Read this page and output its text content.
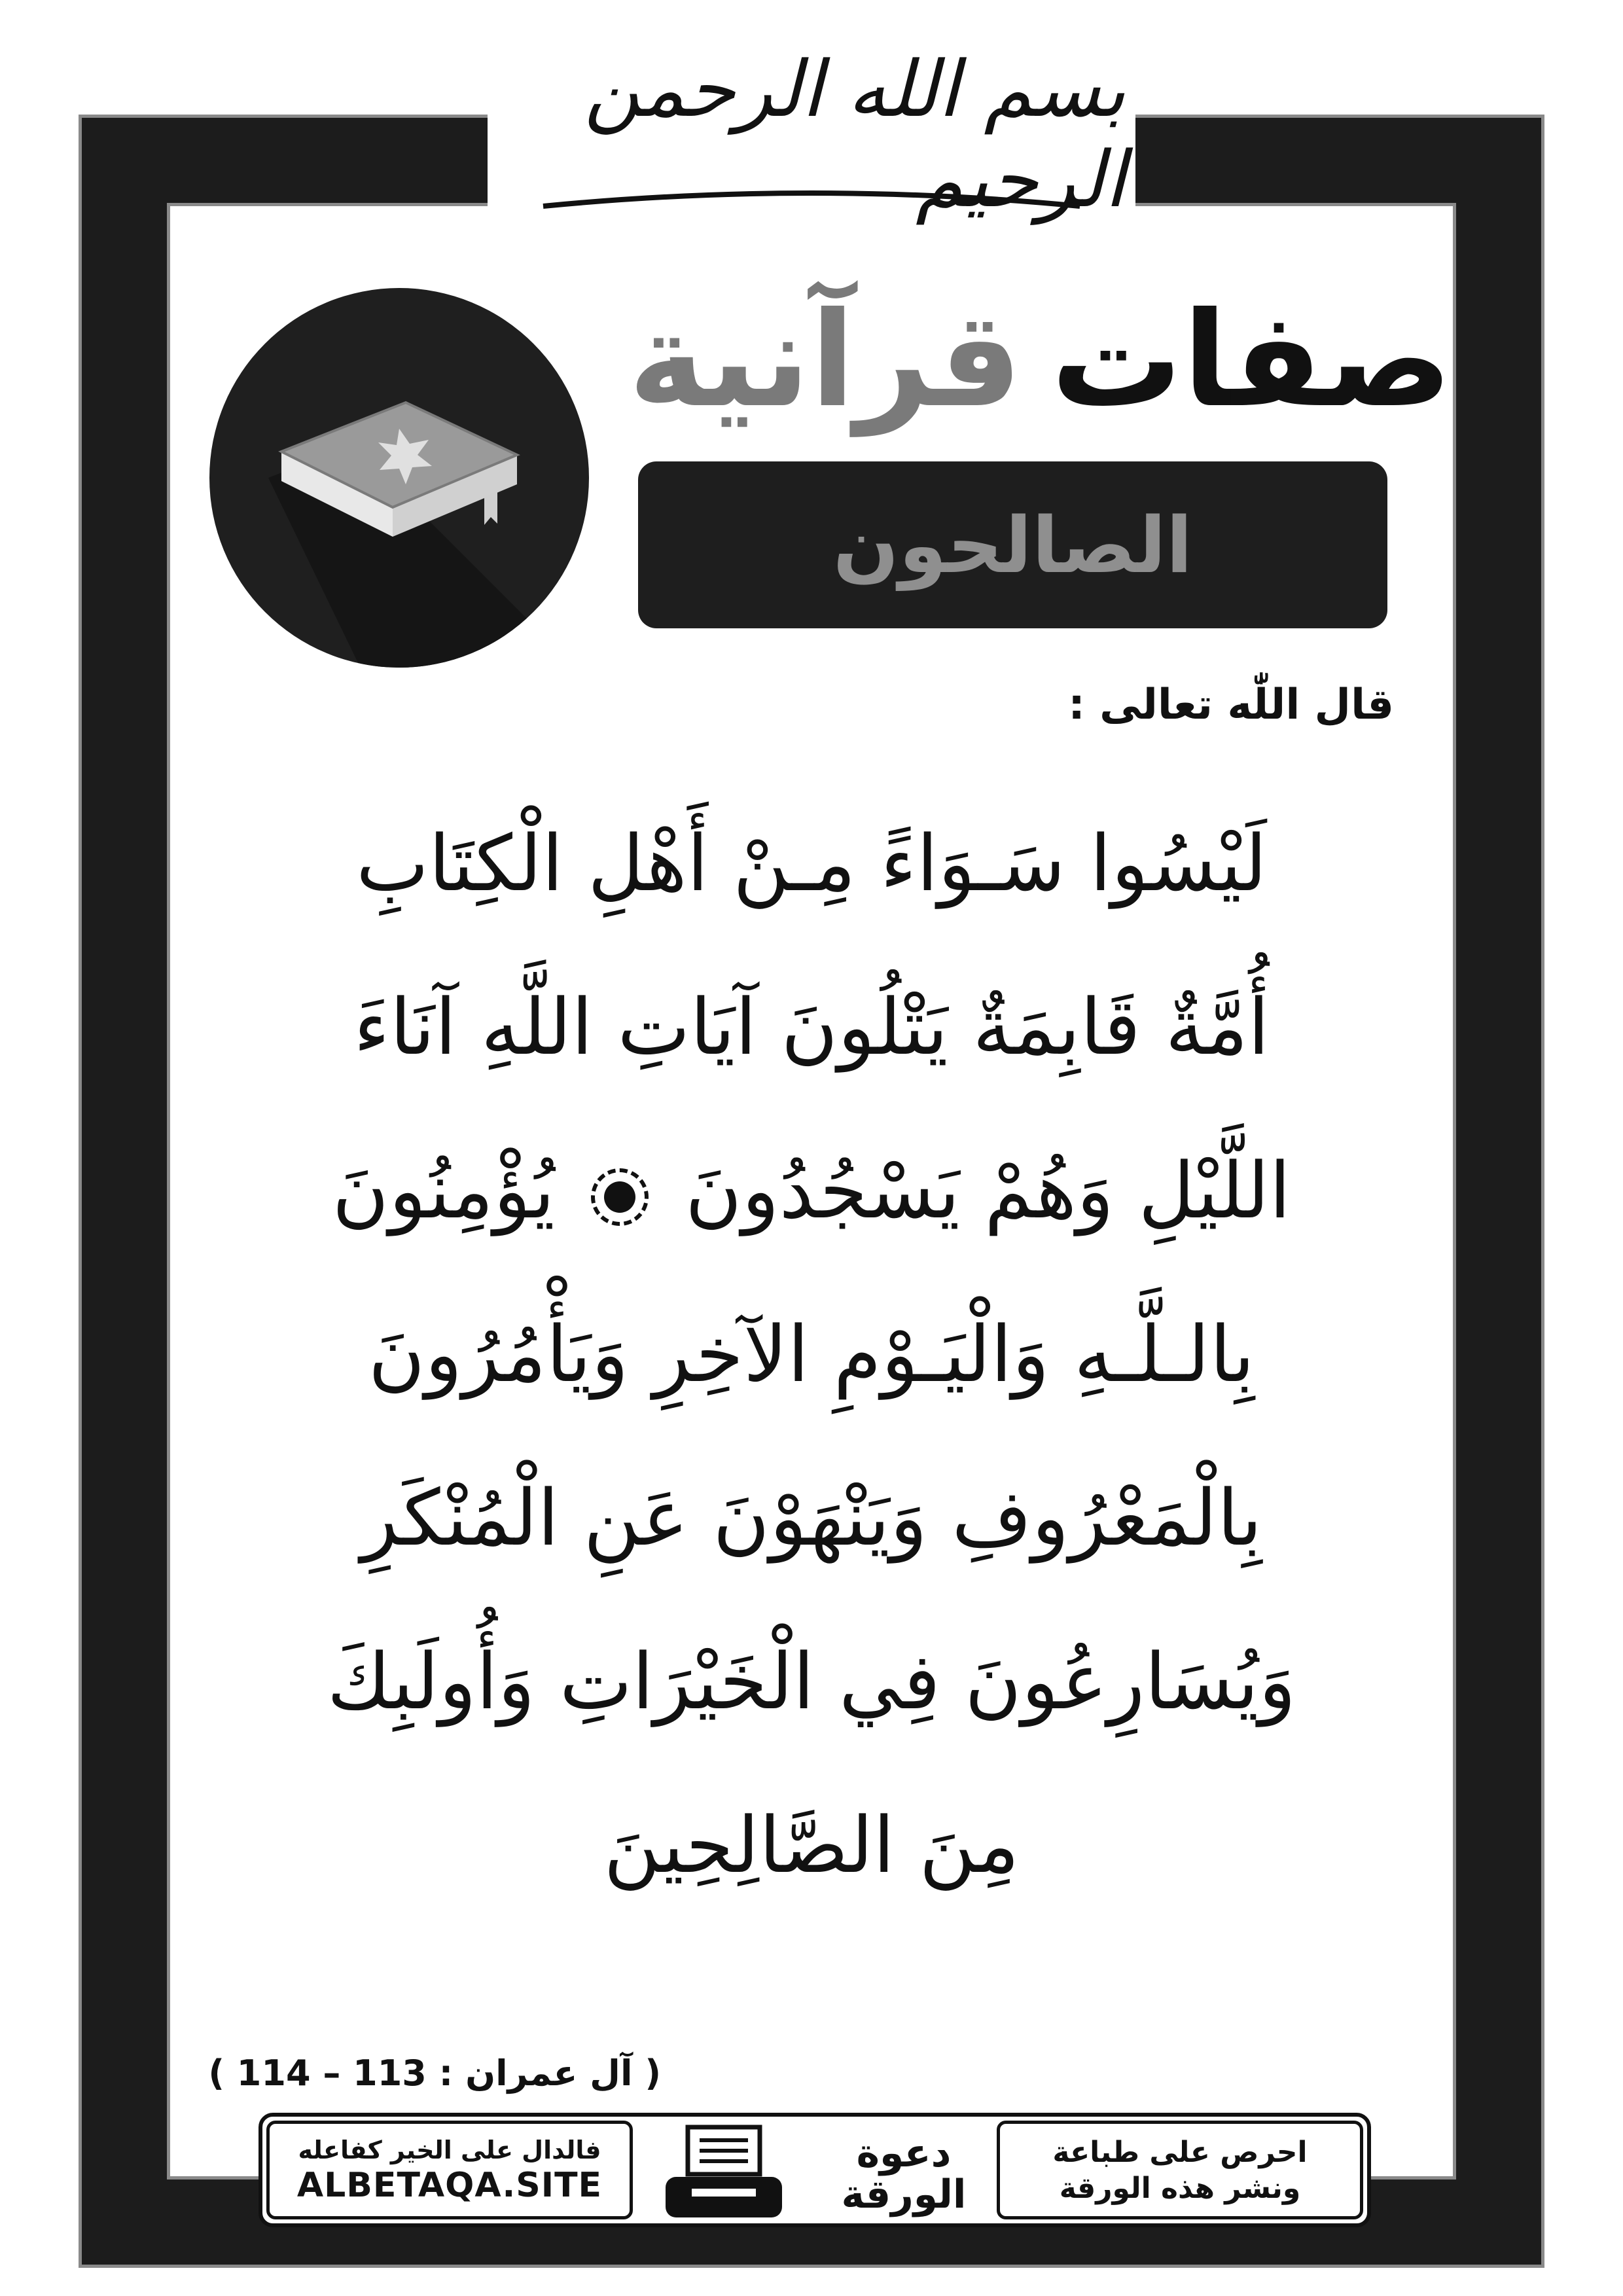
بسم الله الرحمن الرحيم
صفات
قرآنية
الصالحون
قال اللّٰه تعالى :
لَيْسُوا سَـوَاءً مِـنْ أَهْلِ الْكِتَابِ
أُمَّةٌ قَابِمَةٌ يَتْلُونَ آيَاتِ اللَّهِ آنَاءَ
اللَّيْلِ وَهُمْ يَسْجُدُونَ  يُؤْمِنُونَ
بِالـلَّـهِ وَالْيَـوْمِ الآخِرِ وَيَأْمُرُونَ
بِالْمَعْرُوفِ وَيَنْهَوْنَ عَنِ الْمُنْكَرِ
وَيُسَارِعُونَ فِي الْخَيْرَاتِ وَأُولَبِكَ
مِنَ الصَّالِحِينَ
( آل عمران : 113 – 114 )
فالدال على الخير كفاعله
ALBETAQA.SITE
دعوة
الورقة
احرص على طباعة
ونشر هذه الورقة
